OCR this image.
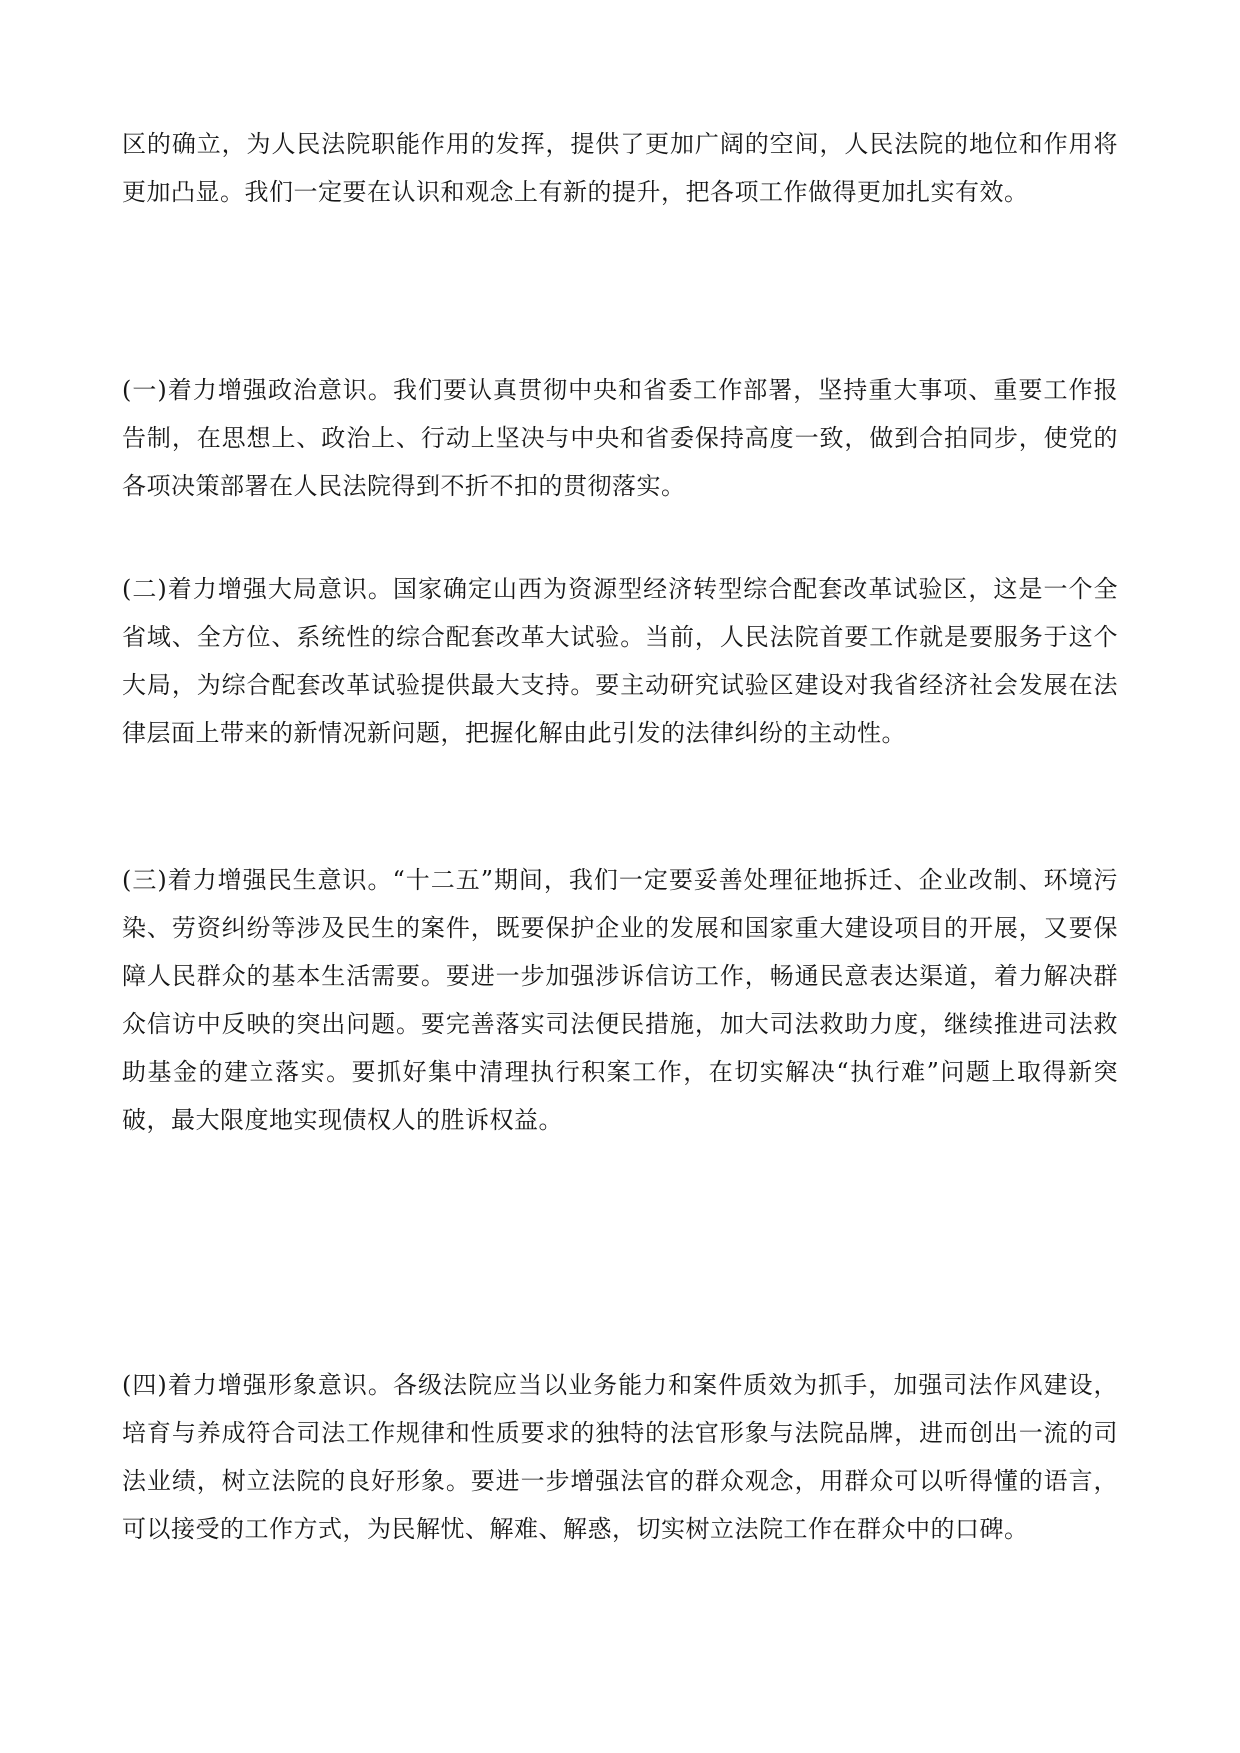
区的确立，为人民法院职能作用的发挥，提供了更加广阔的空间，人民法院的地位和作用将更加凸显。我们一定要在认识和观念上有新的提升，把各项工作做得更加扎实有效。

(一)着力增强政治意识。我们要认真贯彻中央和省委工作部署，坚持重大事项、重要工作报告制，在思想上、政治上、行动上坚决与中央和省委保持高度一致，做到合拍同步，使党的各项决策部署在人民法院得到不折不扣的贯彻落实。

(二)着力增强大局意识。国家确定山西为资源型经济转型综合配套改革试验区，这是一个全省域、全方位、系统性的综合配套改革大试验。当前，人民法院首要工作就是要服务于这个大局，为综合配套改革试验提供最大支持。要主动研究试验区建设对我省经济社会发展在法律层面上带来的新情况新问题，把握化解由此引发的法律纠纷的主动性。

(三)着力增强民生意识。“十二五”期间，我们一定要妥善处理征地拆迁、企业改制、环境污染、劳资纠纷等涉及民生的案件，既要保护企业的发展和国家重大建设项目的开展，又要保障人民群众的基本生活需要。要进一步加强涉诉信访工作，畅通民意表达渠道，着力解决群众信访中反映的突出问题。要完善落实司法便民措施，加大司法救助力度，继续推进司法救助基金的建立落实。要抓好集中清理执行积案工作，在切实解决“执行难”问题上取得新突破，最大限度地实现债权人的胜诉权益。

(四)着力增强形象意识。各级法院应当以业务能力和案件质效为抓手，加强司法作风建设，培育与养成符合司法工作规律和性质要求的独特的法官形象与法院品牌，进而创出一流的司法业绩，树立法院的良好形象。要进一步增强法官的群众观念，用群众可以听得懂的语言，可以接受的工作方式，为民解忧、解难、解惑，切实树立法院工作在群众中的口碑。
